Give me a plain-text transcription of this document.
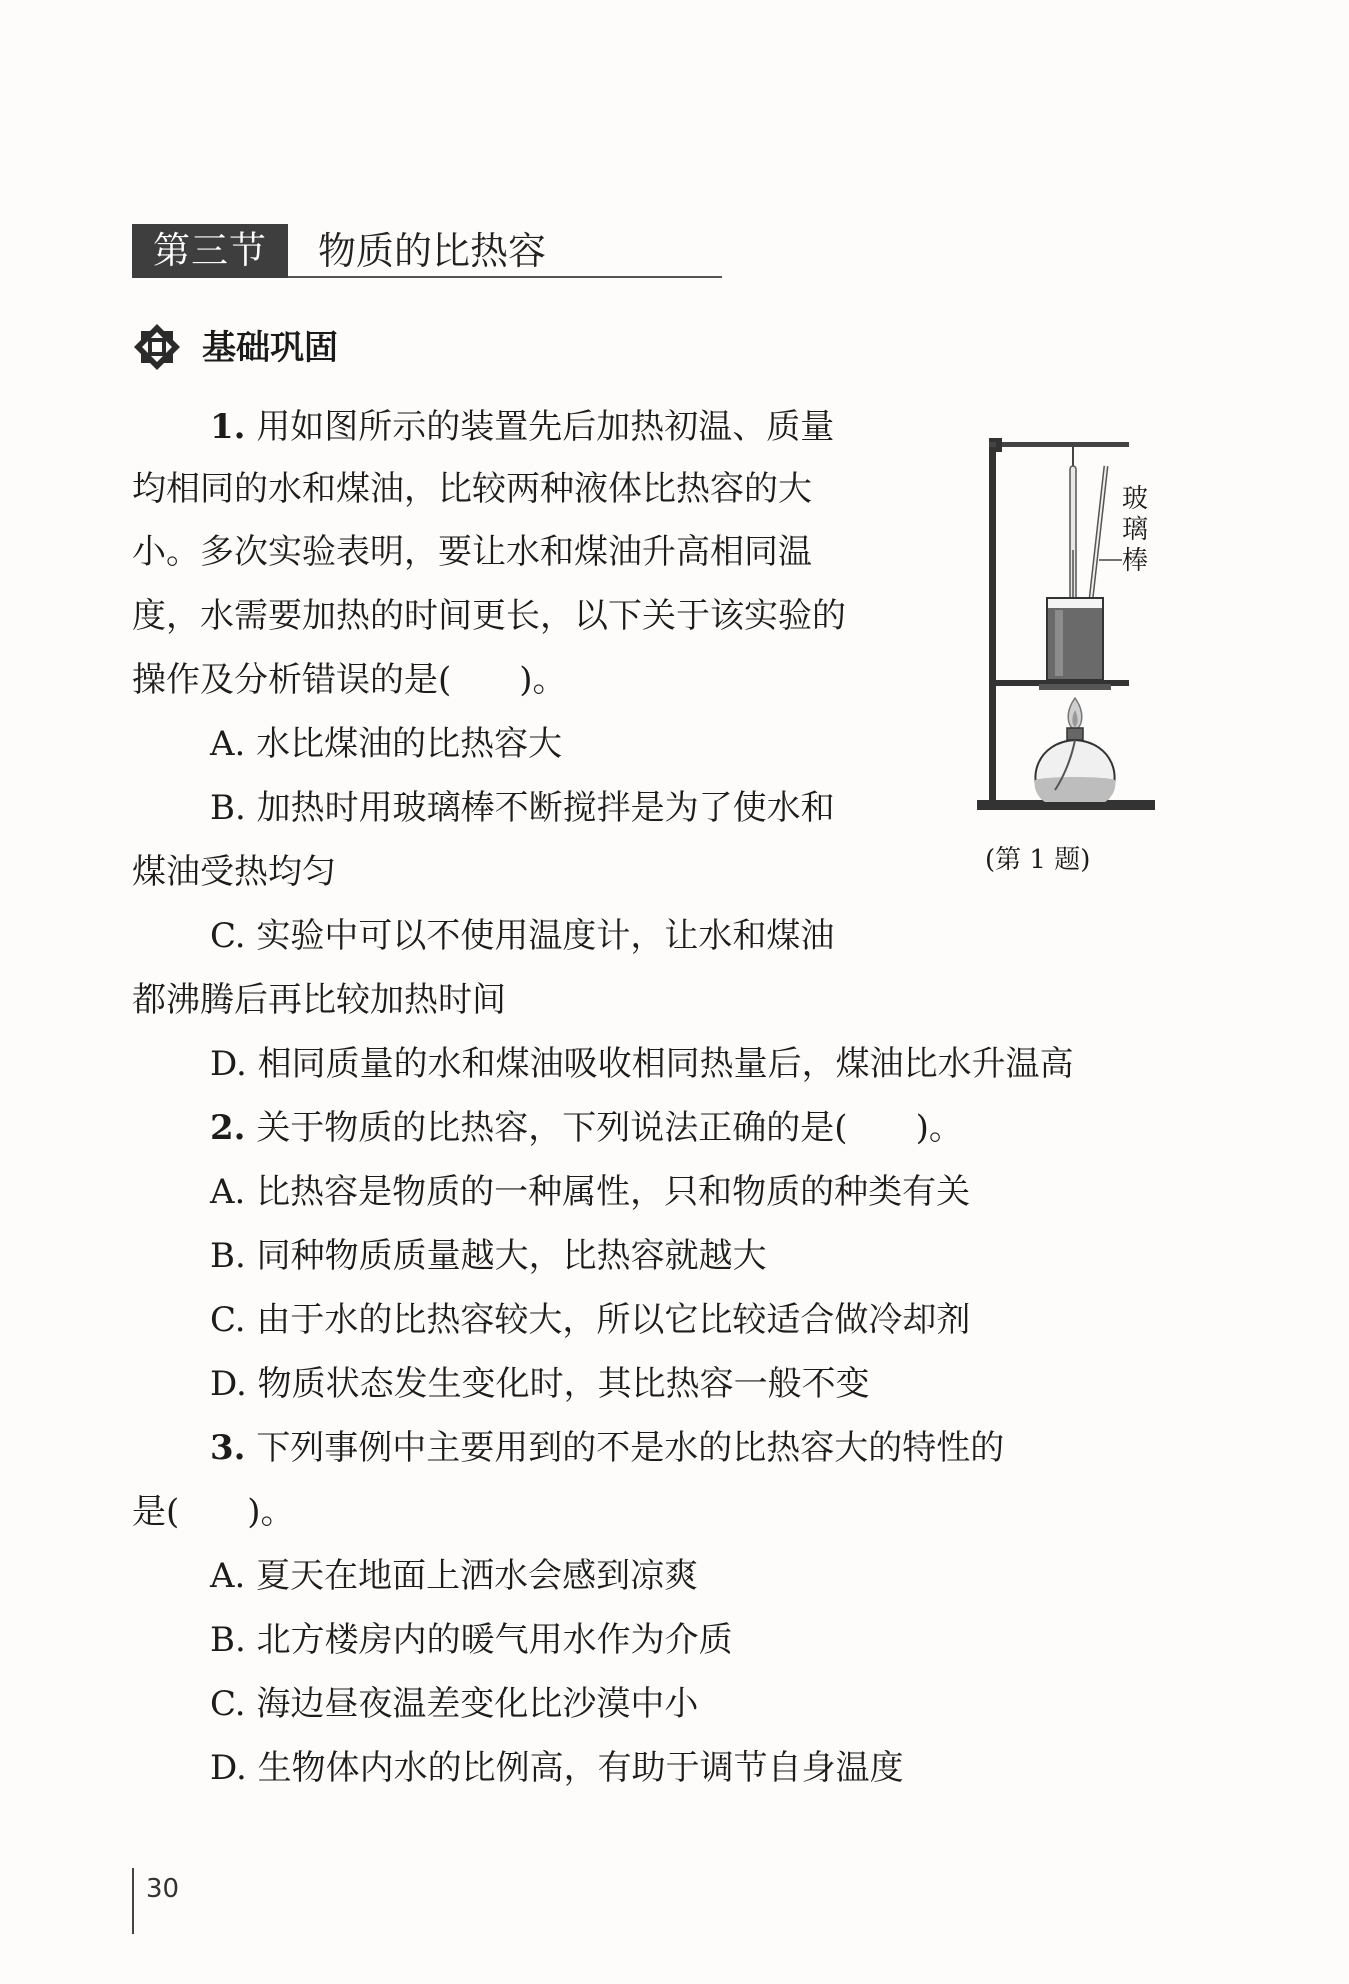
第三节	物质的比热容
基础巩固
1. 用如图所示的装置先后加热初温、质量
均相同的水和煤油，比较两种液体比热容的大
小。多次实验表明，要让水和煤油升高相同温
度，水需要加热的时间更长，以下关于该实验的
操作及分析错误的是(　　)。
A. 水比煤油的比热容大
B. 加热时用玻璃棒不断搅拌是为了使水和
煤油受热均匀
C. 实验中可以不使用温度计，让水和煤油
都沸腾后再比较加热时间
D. 相同质量的水和煤油吸收相同热量后，煤油比水升温高
玻璃棒
(第 1 题)
2. 关于物质的比热容，下列说法正确的是(　　)。
A. 比热容是物质的一种属性，只和物质的种类有关
B. 同种物质质量越大，比热容就越大
C. 由于水的比热容较大，所以它比较适合做冷却剂
D. 物质状态发生变化时，其比热容一般不变
3. 下列事例中主要用到的不是水的比热容大的特性的
是(　　)。
A. 夏天在地面上洒水会感到凉爽
B. 北方楼房内的暖气用水作为介质
C. 海边昼夜温差变化比沙漠中小
D. 生物体内水的比例高，有助于调节自身温度
30
